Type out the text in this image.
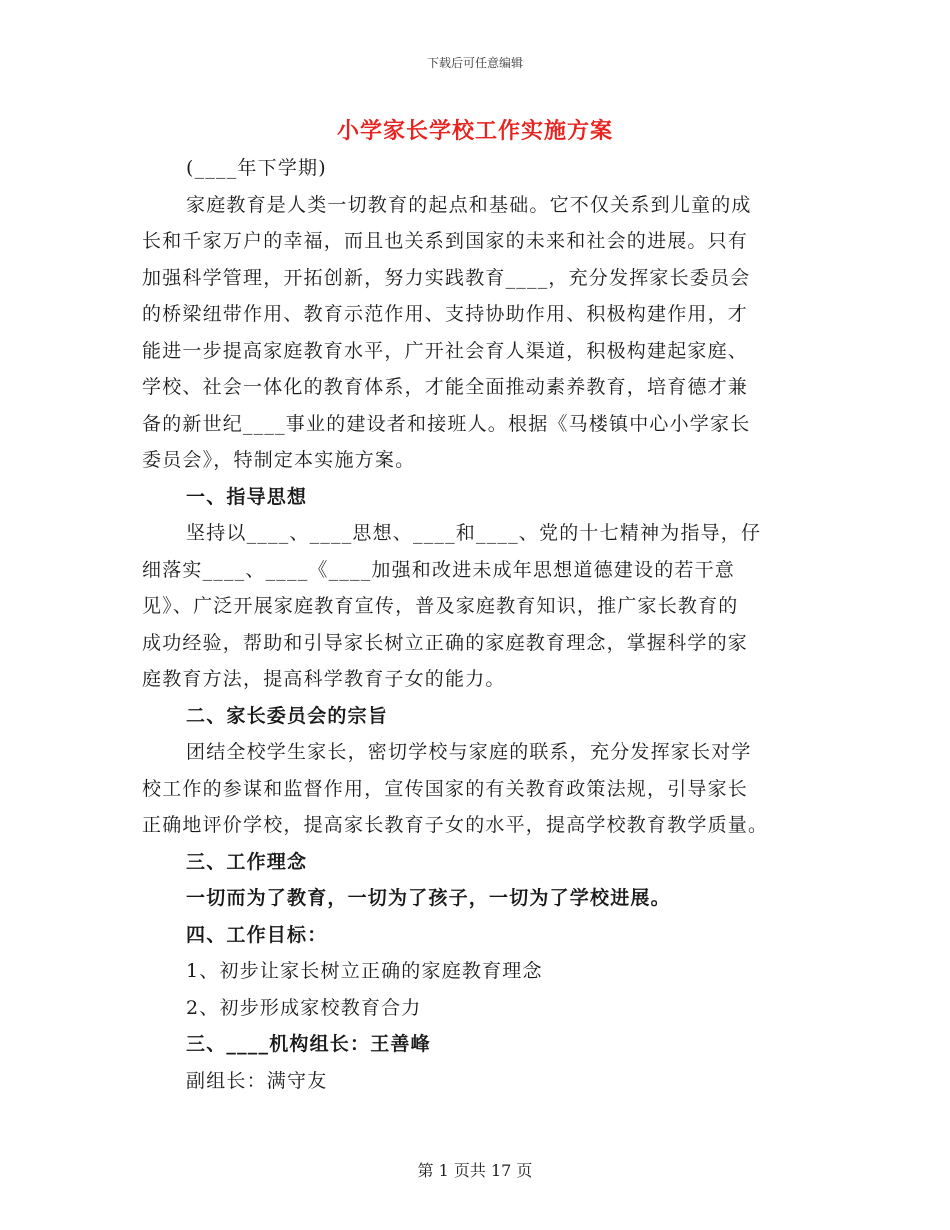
下载后可任意编辑
小学家长学校工作实施方案
(____年下学期)
家庭教育是人类一切教育的起点和基础。它不仅关系到儿童的成
长和千家万户的幸福，而且也关系到国家的未来和社会的进展。只有
加强科学管理，开拓创新，努力实践教育____，充分发挥家长委员会
的桥梁纽带作用、教育示范作用、支持协助作用、积极构建作用，才
能进一步提高家庭教育水平，广开社会育人渠道，积极构建起家庭、
学校、社会一体化的教育体系，才能全面推动素养教育，培育德才兼
备的新世纪____事业的建设者和接班人。根据《马楼镇中心小学家长
委员会》，特制定本实施方案。
一、指导思想
坚持以____、____思想、____和____、党的十七精神为指导，仔
细落实____、____《____加强和改进未成年思想道德建设的若干意
见》、广泛开展家庭教育宣传，普及家庭教育知识，推广家长教育的
成功经验，帮助和引导家长树立正确的家庭教育理念，掌握科学的家
庭教育方法，提高科学教育子女的能力。
二、家长委员会的宗旨
团结全校学生家长，密切学校与家庭的联系，充分发挥家长对学
校工作的参谋和监督作用，宣传国家的有关教育政策法规，引导家长
正确地评价学校，提高家长教育子女的水平，提高学校教育教学质量。
三、工作理念
一切而为了教育，一切为了孩子，一切为了学校进展。
四、工作目标：
1、初步让家长树立正确的家庭教育理念
2、初步形成家校教育合力
三、____机构组长：王善峰
副组长：满守友
第 1 页共 17 页
